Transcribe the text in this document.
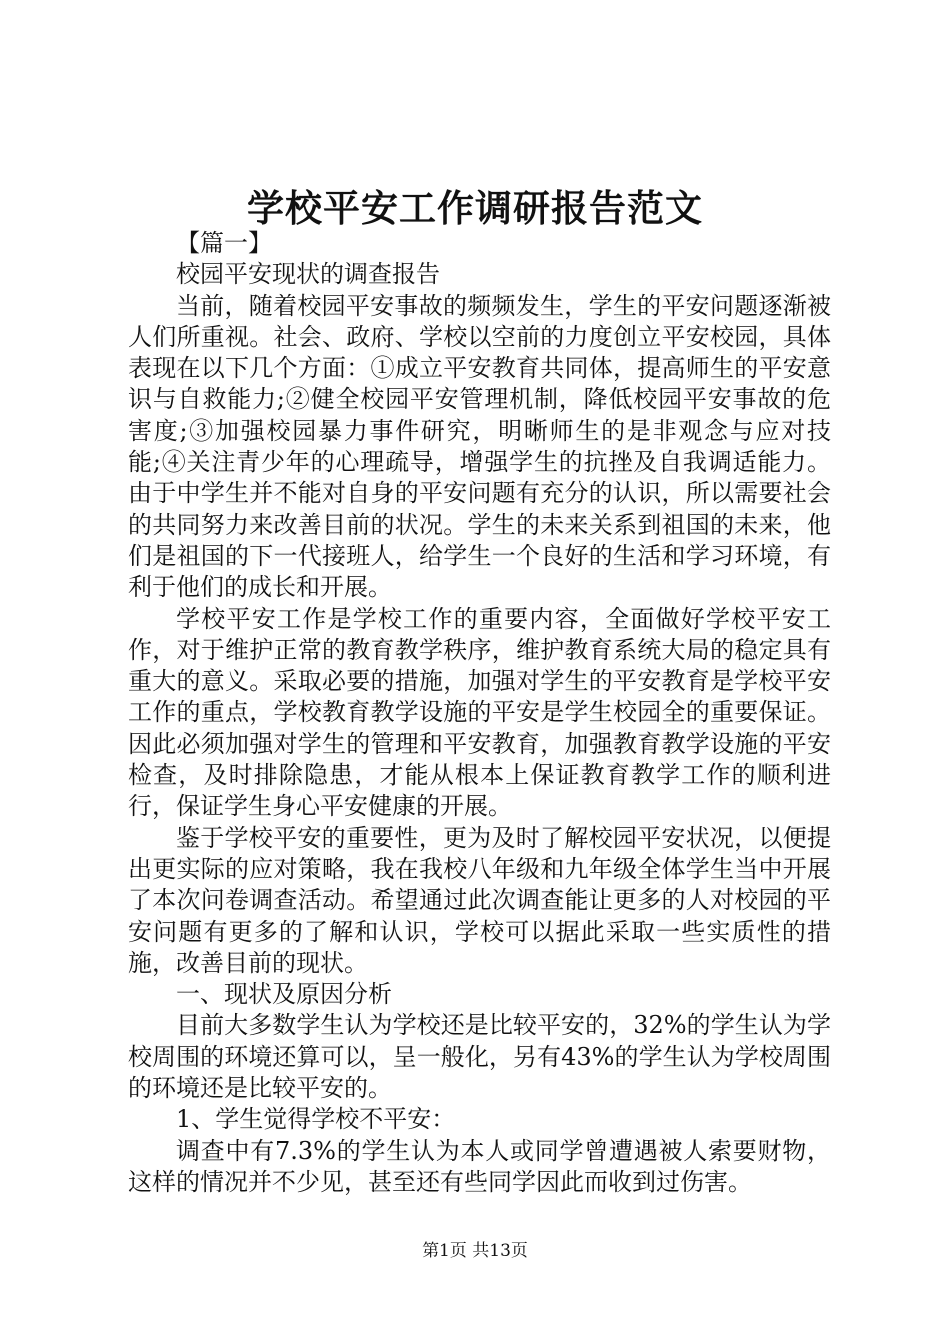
学校平安工作调研报告范文

【篇一】

校园平安现状的调查报告

当前，随着校园平安事故的频频发生，学生的平安问题逐渐被人们所重视。社会、政府、学校以空前的力度创立平安校园，具体表现在以下几个方面：①成立平安教育共同体，提高师生的平安意识与自救能力;②健全校园平安管理机制，降低校园平安事故的危害度;③加强校园暴力事件研究，明晰师生的是非观念与应对技能;④关注青少年的心理疏导，增强学生的抗挫及自我调适能力。由于中学生并不能对自身的平安问题有充分的认识，所以需要社会的共同努力来改善目前的状况。学生的未来关系到祖国的未来，他们是祖国的下一代接班人，给学生一个良好的生活和学习环境，有利于他们的成长和开展。

学校平安工作是学校工作的重要内容，全面做好学校平安工作，对于维护正常的教育教学秩序，维护教育系统大局的稳定具有重大的意义。采取必要的措施，加强对学生的平安教育是学校平安工作的重点，学校教育教学设施的平安是学生校园全的重要保证。因此必须加强对学生的管理和平安教育，加强教育教学设施的平安检查，及时排除隐患，才能从根本上保证教育教学工作的顺利进行，保证学生身心平安健康的开展。

鉴于学校平安的重要性，更为及时了解校园平安状况，以便提出更实际的应对策略，我在我校八年级和九年级全体学生当中开展了本次问卷调查活动。希望通过此次调查能让更多的人对校园的平安问题有更多的了解和认识，学校可以据此采取一些实质性的措施，改善目前的现状。

一、现状及原因分析

目前大多数学生认为学校还是比较平安的，32%的学生认为学校周围的环境还算可以，呈一般化，另有43%的学生认为学校周围的环境还是比较平安的。

1、学生觉得学校不平安：

调查中有7.3%的学生认为本人或同学曾遭遇被人索要财物，这样的情况并不少见，甚至还有些同学因此而收到过伤害。

第1页 共13页
